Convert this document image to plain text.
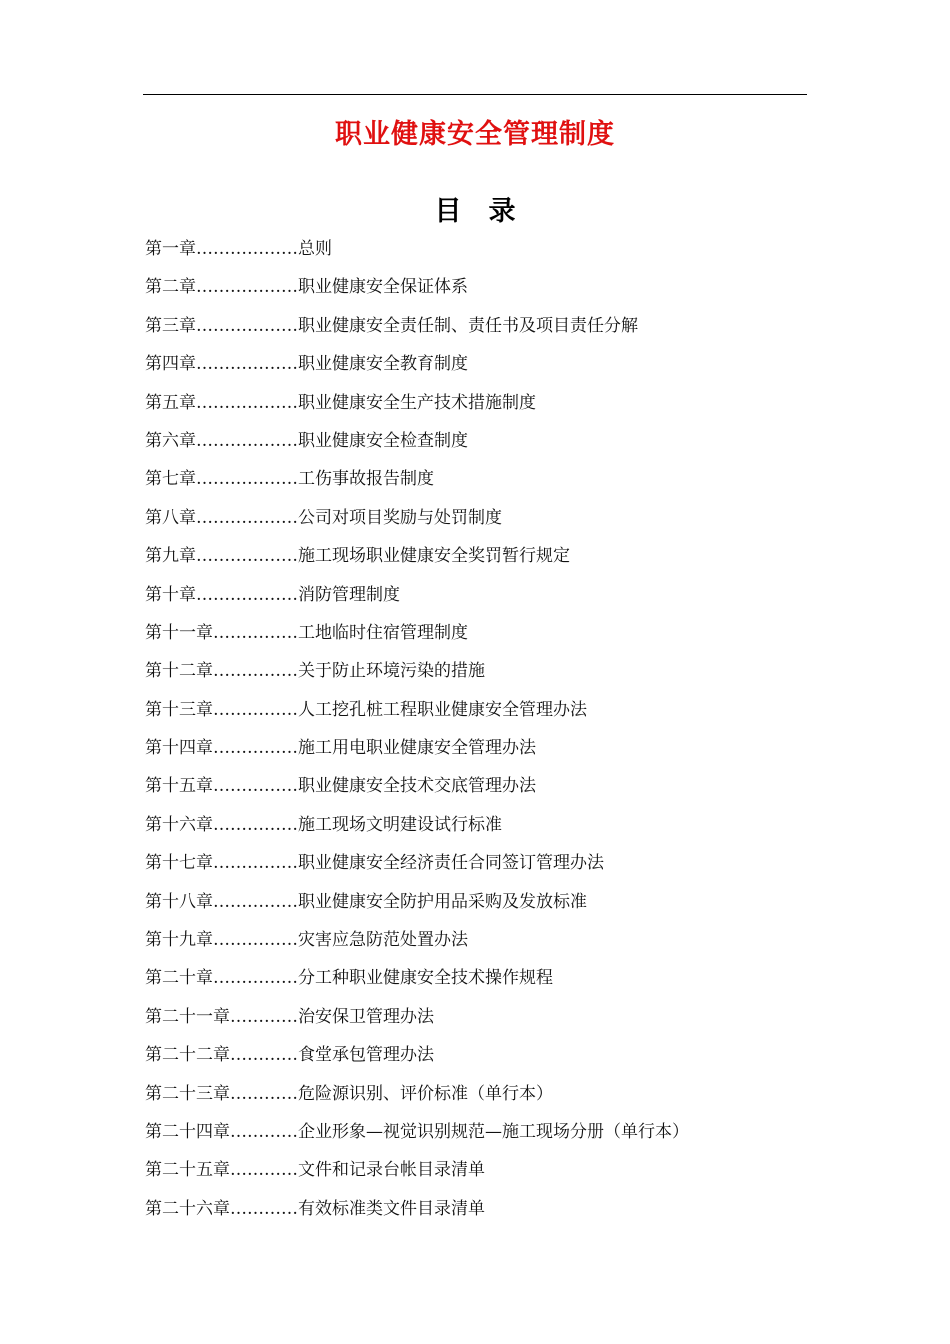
职业健康安全管理制度
目　录
第一章………………总则
第二章………………职业健康安全保证体系
第三章………………职业健康安全责任制、责任书及项目责任分解
第四章………………职业健康安全教育制度
第五章………………职业健康安全生产技术措施制度
第六章………………职业健康安全检查制度
第七章………………工伤事故报告制度
第八章………………公司对项目奖励与处罚制度
第九章………………施工现场职业健康安全奖罚暂行规定
第十章………………消防管理制度
第十一章……………工地临时住宿管理制度
第十二章……………关于防止环境污染的措施
第十三章……………人工挖孔桩工程职业健康安全管理办法
第十四章……………施工用电职业健康安全管理办法
第十五章……………职业健康安全技术交底管理办法
第十六章……………施工现场文明建设试行标准
第十七章……………职业健康安全经济责任合同签订管理办法
第十八章……………职业健康安全防护用品采购及发放标准
第十九章……………灾害应急防范处置办法
第二十章……………分工种职业健康安全技术操作规程
第二十一章…………治安保卫管理办法
第二十二章…………食堂承包管理办法
第二十三章…………危险源识别、评价标准（单行本）
第二十四章…………企业形象—视觉识别规范—施工现场分册（单行本）
第二十五章…………文件和记录台帐目录清单
第二十六章…………有效标准类文件目录清单
